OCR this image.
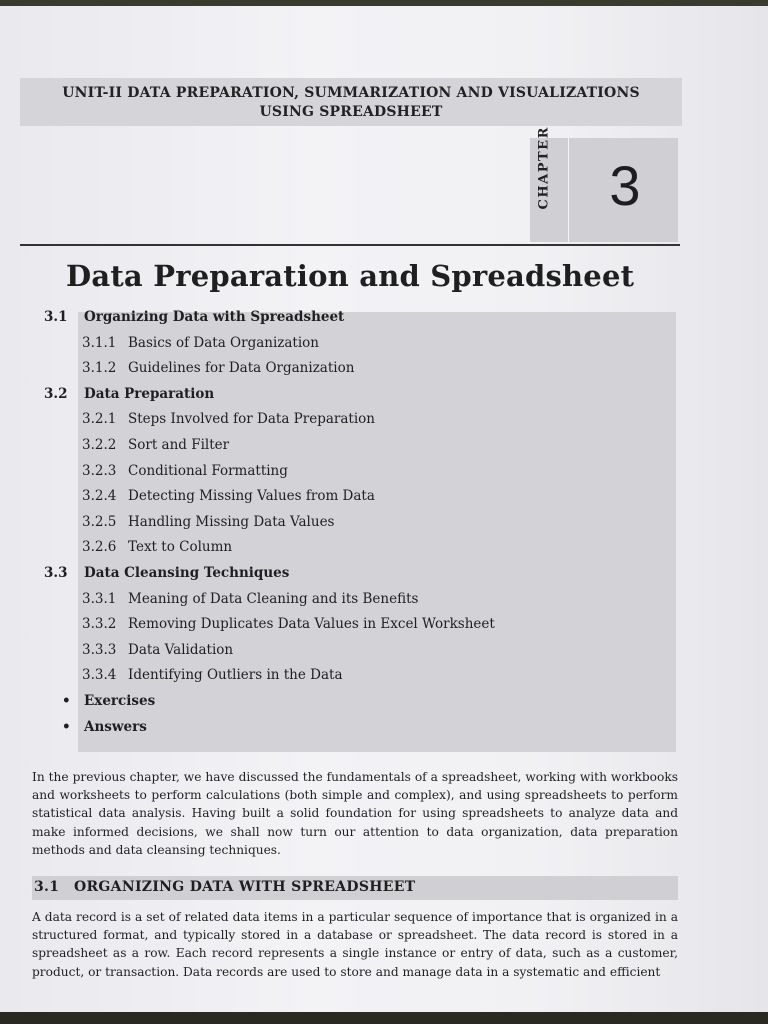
UNIT-II DATA PREPARATION, SUMMARIZATION AND VISUALIZATIONS
USING SPREADSHEET
3
Data Preparation and Spreadsheet
3.1 Organizing Data with Spreadsheet
3.1.1 Basics of Data Organization
3.1.2 Guidelines for Data Organization
3.2 Data Preparation
3.2.1 Steps Involved for Data Preparation
3.2.2 Sort and Filter
3.2.3 Conditional Formatting
3.2.4 Detecting Missing Values from Data
3.2.5 Handling Missing Data Values
3.2.6 Text to Column
3.3 Data Cleansing Techniques
3.3.1 Meaning of Data Cleaning and its Benefits
3.3.2 Removing Duplicates Data Values in Excel Worksheet
3.3.3 Data Validation
3.3.4 Identifying Outliers in the Data
• Exercises
• Answers
In the previous chapter, we have discussed the fundamentals of a spreadsheet, working with workbooks and worksheets to perform calculations (both simple and complex), and using spreadsheets to perform statistical data analysis. Having built a solid foundation for using spreadsheets to analyze data and make informed decisions, we shall now turn our attention to data organization, data preparation methods and data cleansing techniques.
3.1 ORGANIZING DATA WITH SPREADSHEET
A data record is a set of related data items in a particular sequence of importance that is organized in a structured format, and typically stored in a database or spreadsheet. The data record is stored in a spreadsheet as a row. Each record represents a single instance or entry of data, such as a customer, product, or transaction. Data records are used to store and manage data in a systematic and efficient
